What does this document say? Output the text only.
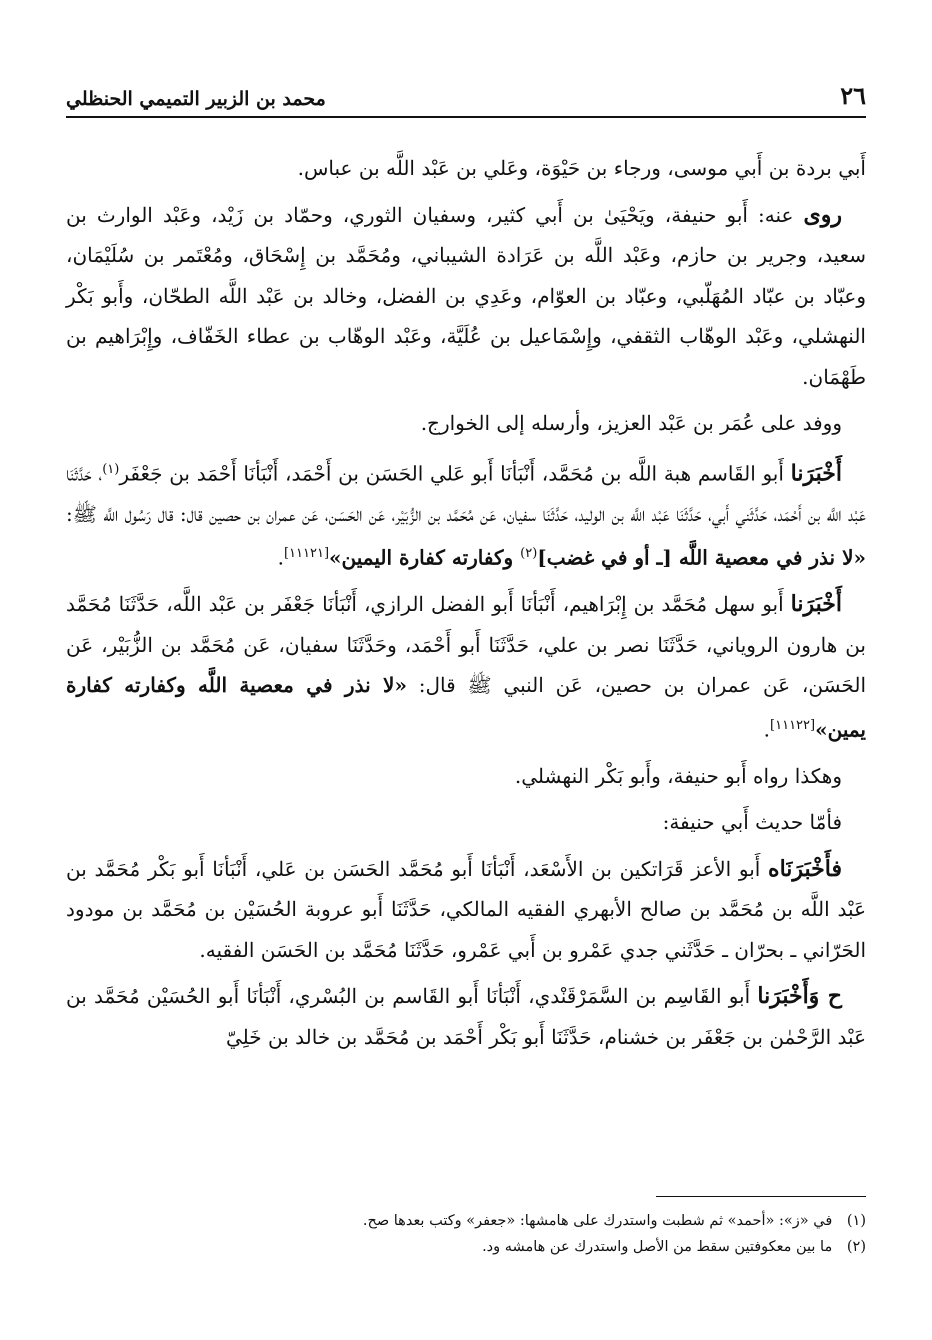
٢٦
محمد بن الزبير التميمي الحنظلي

أَبي بردة بن أَبي موسى، ورجاء بن حَيْوَة، وعَلي بن عَبْد اللَّه بن عباس.

روى عنه: أَبو حنيفة، ويَحْيَىٰ بن أَبي كثير، وسفيان الثوري، وحمّاد بن زَيْد، وعَبْد الوارث بن سعيد، وجرير بن حازم، وعَبْد اللَّه بن عَرَادة الشيباني، ومُحَمَّد بن إِسْحَاق، ومُعْتَمر بن سُلَيْمَان، وعبّاد بن عبّاد المُهَلّبي، وعبّاد بن العوّام، وعَدِي بن الفضل، وخالد بن عَبْد اللَّه الطحّان، وأَبو بَكْر النهشلي، وعَبْد الوهّاب الثقفي، وإِسْمَاعيل بن عُلَيَّة، وعَبْد الوهّاب بن عطاء الخَفّاف، وإِبْرَاهيم بن طَهْمَان.

ووفد على عُمَر بن عَبْد العزيز، وأرسله إلى الخوارج.

أَخْبَرَنا أَبو القَاسم هبة اللَّه بن مُحَمَّد، أَنْبَأنَا أَبو عَلي الحَسَن بن أَحْمَد، أَنْبَأنَا أَحْمَد بن جَعْفَر$^{(١)}$، حَدَّثَنَا عَبْد اللَّه بن أَحْمَد، حَدَّثَني أَبي، حَدَّثَنَا عَبْد اللَّه بن الوليد، حَدَّثَنَا سفيان، عَن مُحَمَّد بن الزُّبَيْر، عَن الحَسَن، عَن عمران بن حصين قال: قال رَسُول اللَّه ﷺ: «لا نذر في معصية اللَّه [ـ أو في غضب]$^{(٢)}$ وكفارته كفارة اليمين»[١١١٢١].

أَخْبَرَنا أَبو سهل مُحَمَّد بن إِبْرَاهيم، أَنْبَأنَا أَبو الفضل الرازي، أَنْبَأنَا جَعْفَر بن عَبْد اللَّه، حَدَّثَنَا مُحَمَّد بن هارون الروياني، حَدَّثَنَا نصر بن علي، حَدَّثَنَا أَبو أَحْمَد، وحَدَّثَنَا سفيان، عَن مُحَمَّد بن الزُّبَيْر، عَن الحَسَن، عَن عمران بن حصين، عَن النبي ﷺ قال: «لا نذر في معصية اللَّه وكفارته كفارة يمين»[١١١٢٢].

وهكذا رواه أَبو حنيفة، وأَبو بَكْر النهشلي.

فأمّا حديث أَبي حنيفة:

فأَخْبَرَنَاه أَبو الأعز قَرَاتكين بن الأَسْعَد، أَنْبَأنَا أَبو مُحَمَّد الحَسَن بن عَلي، أَنْبَأنَا أَبو بَكْر مُحَمَّد بن عَبْد اللَّه بن مُحَمَّد بن صالح الأبهري الفقيه المالكي، حَدَّثَنَا أَبو عروبة الحُسَيْن بن مُحَمَّد بن مودود الحَرّاني ـ بحرّان ـ حَدَّثَني جدي عَمْرو بن أَبي عَمْرو، حَدَّثَنَا مُحَمَّد بن الحَسَن الفقيه.

ح وَأَخْبَرَنا أَبو القَاسِم بن السَّمَرْقَنْدي، أَنْبَأنَا أَبو القَاسم بن البُسْري، أَنْبَأنَا أَبو الحُسَيْن مُحَمَّد بن عَبْد الرَّحْمٰن بن جَعْفَر بن خشنام، حَدَّثَنَا أَبو بَكْر أَحْمَد بن مُحَمَّد بن خالد بن خَلِيّ

(١) في «ز»: «أحمد» ثم شطبت واستدرك على هامشها: «جعفر» وكتب بعدها صح.

(٢) ما بين معكوفتين سقط من الأصل واستدرك عن هامشه ود.
